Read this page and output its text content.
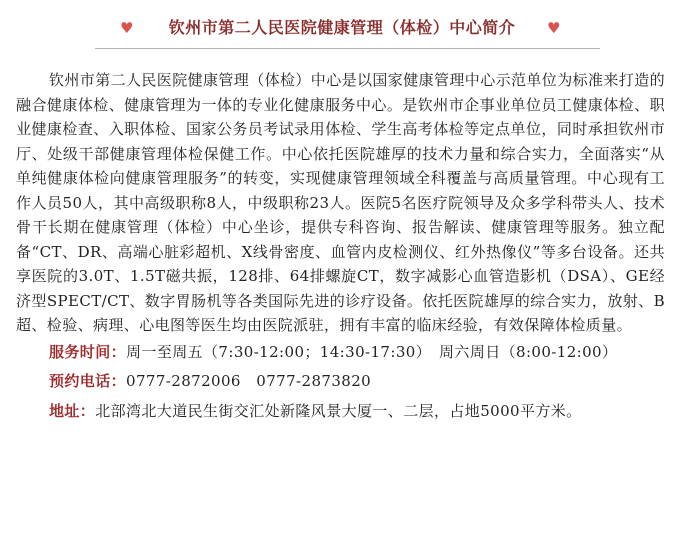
♥	钦州市第二人民医院健康管理（体检）中心简介	♥

钦州市第二人民医院健康管理（体检）中心是以国家健康管理中心示范单位为标准来打造的融合健康体检、健康管理为一体的专业化健康服务中心。是钦州市企事业单位员工健康体检、职业健康检查、入职体检、国家公务员考试录用体检、学生高考体检等定点单位，同时承担钦州市厅、处级干部健康管理体检保健工作。中心依托医院雄厚的技术力量和综合实力，全面落实“从单纯健康体检向健康管理服务”的转变，实现健康管理领域全科覆盖与高质量管理。中心现有工作人员50人，其中高级职称8人，中级职称23人。医院5名医疗院领导及众多学科带头人、技术骨干长期在健康管理（体检）中心坐诊，提供专科咨询、报告解读、健康管理等服务。独立配备“CT、DR、高端心脏彩超机、X线骨密度、血管内皮检测仪、红外热像仪”等多台设备。还共享医院的3.0T、1.5T磁共振，128排、64排螺旋CT，数字减影心血管造影机（DSA）、GE经济型SPECT/CT、数字胃肠机等各类国际先进的诊疗设备。依托医院雄厚的综合实力，放射、B超、检验、病理、心电图等医生均由医院派驻，拥有丰富的临床经验，有效保障体检质量。

服务时间：周一至周五（7:30-12:00；14:30-17:30）　周六周日（8:00-12:00）

预约电话：0777-2872006　0777-2873820

地址：北部湾北大道民生街交汇处新隆风景大厦一、二层，占地5000平方米。
